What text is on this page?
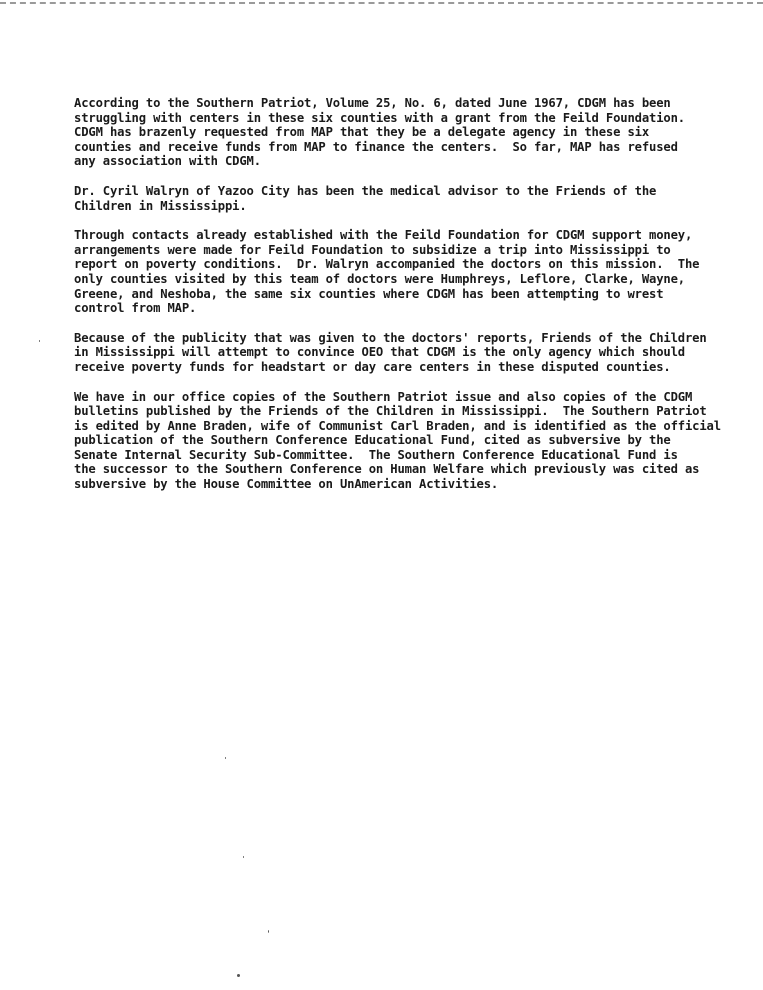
According to the Southern Patriot, Volume 25, No. 6, dated June 1967, CDGM has been
struggling with centers in these six counties with a grant from the Feild Foundation.
CDGM has brazenly requested from MAP that they be a delegate agency in these six
counties and receive funds from MAP to finance the centers.  So far, MAP has refused
any association with CDGM.
Dr. Cyril Walryn of Yazoo City has been the medical advisor to the Friends of the
Children in Mississippi.
Through contacts already established with the Feild Foundation for CDGM support money,
arrangements were made for Feild Foundation to subsidize a trip into Mississippi to
report on poverty conditions.  Dr. Walryn accompanied the doctors on this mission.  The
only counties visited by this team of doctors were Humphreys, Leflore, Clarke, Wayne,
Greene, and Neshoba, the same six counties where CDGM has been attempting to wrest
control from MAP.
Because of the publicity that was given to the doctors' reports, Friends of the Children
in Mississippi will attempt to convince OEO that CDGM is the only agency which should
receive poverty funds for headstart or day care centers in these disputed counties.
We have in our office copies of the Southern Patriot issue and also copies of the CDGM
bulletins published by the Friends of the Children in Mississippi.  The Southern Patriot
is edited by Anne Braden, wife of Communist Carl Braden, and is identified as the official
publication of the Southern Conference Educational Fund, cited as subversive by the
Senate Internal Security Sub-Committee.  The Southern Conference Educational Fund is
the successor to the Southern Conference on Human Welfare which previously was cited as
subversive by the House Committee on UnAmerican Activities.
